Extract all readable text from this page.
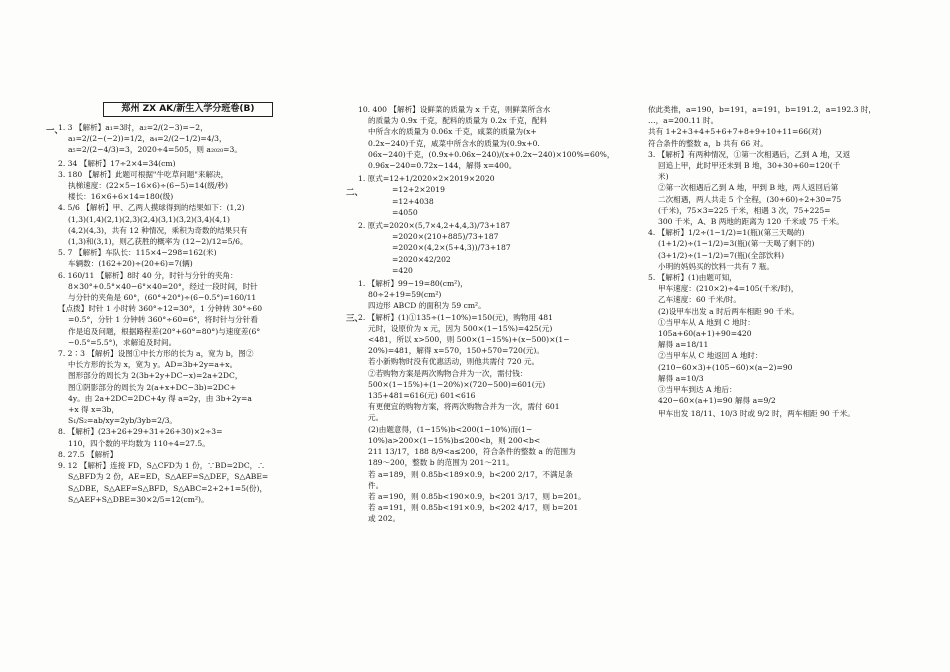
郑州 ZX AK/新生入学分班卷(B)
一、
二、
三、
1. 3 【解析】a₁=3时，a₂=2/(2−3)=−2，
a₃=2/(2−(−2))=1/2，a₄=2/(2−1/2)=4/3，
a₅=2/(2−4/3)=3，2020÷4=505，则 a₂₀₂₀=3。
2. 34 【解析】17÷2×4=34(cm)
3. 180 【解析】此题可根据"牛吃草问题"来解决，
执梯速度：(22×5−16×6)÷(6−5)=14(级/秒)
楼长：16×6+6×14=180(级)
4. 5/6 【解析】甲、乙两人摸球得到的结果如下：(1,2)
(1,3)(1,4)(2,1)(2,3)(2,4)(3,1)(3,2)(3,4)(4,1)
(4,2)(4,3)，共有 12 种情况，乘积为奇数的结果只有
(1,3)和(3,1)，则乙获胜的概率为 (12−2)/12=5/6。
5. 7 【解析】车队长：115×4−298=162(米)
车辆数：(162+20)÷(20+6)=7(辆)
6. 160/11 【解析】8时 40 分，时针与分针的夹角：
8×30°+0.5°×40−6°×40=20°，经过一段时间，时针
与分针的夹角是 60°，(60°+20°)÷(6−0.5°)=160/11
【点拨】时针 1 小时转 360°÷12=30°，1 分钟转 30°÷60
=0.5°，分针 1 分钟转 360°÷60=6°，将时针与分针看
作是追及问题，根据路程差(20°+60°=80°)与速度差(6°
−0.5°=5.5°)，求解追及时间。
7. 2∶3 【解析】设图①中长方形的长为 a，宽为 b，图②
中长方形的长为 x，宽为 y。AD=3b+2y=a+x。
图形部分的周长为 2(3b+2y+DC−x)=2a+2DC，
图①阴影部分的周长为 2(a+x+DC−3b)=2DC+
4y。由 2a+2DC=2DC+4y 得 a=2y，由 3b+2y=a
+x 得 x=3b，
S₁/S₂=ab/xy=2yb/3yb=2/3。
8. 【解析】(23+26+29+31+26+30)×2÷3=
110，四个数的平均数为 110÷4=27.5。
8. 27.5 【解析】
9. 12 【解析】连接 FD，S△CFD为 1 份，∵BD=2DC，∴
S△BFD为 2 份，AE=ED，S△AEF=S△DEF，S△ABE=
S△DBE，S△AEF=S△BFD，S△ABC=2+2+1=5(份)，
S△AEF+S△DBE=30×2/5=12(cm²)。
10. 400 【解析】设鲜菜的质量为 x 千克，则鲜菜所含水
的质量为 0.9x 千克，配料的质量为 0.2x 千克，配料
中所含水的质量为 0.06x 千克，咸菜的质量为(x+
0.2x−240)千克，咸菜中所含水的质量为(0.9x+0.
06x−240)千克，(0.9x+0.06x−240)/(x+0.2x−240)×100%=60%，
0.96x−240=0.72x−144，解得 x=400。
1. 原式=12+1/2020×2×2019×2020
=12+2×2019
=12+4038
=4050
2. 原式=2020×(5,7×4,2+4,4,3)/73+187
=2020×(210+885)/73+187
=2020×(4,2×(5+4,3))/73+187
=2020×42/202
=420
1. 【解析】99−19=80(cm²)，
80÷2+19=59(cm²)
四边形 ABCD 的面积为 59 cm²。
2. 【解析】(1)①135÷(1−10%)=150(元)，购物用 481
元时，设原价为 x 元，因为 500×(1−15%)=425(元)
<481，所以 x>500，则 500×(1−15%)+(x−500)×(1−
20%)=481，解得 x=570，150+570=720(元)。
若小新购物时没有优惠活动，则他共需付 720 元。
②若购物方案是两次购物合并为一次，需付钱：
500×(1−15%)+(1−20%)×(720−500)=601(元)
135+481=616(元) 601<616
有更便宜的购物方案，将两次购物合并为一次，需付 601
元。
(2)由题意得，(1−15%)b<200(1−10%)而(1−
10%)a>200×(1−15%)b≤200<b，则 200<b<
211 13/17，188 8/9<a≤200，符合条件的整数 a 的范围为
189～200，整数 b 的范围为 201～211。
若 a=189，则 0.85b<189×0.9，b<200 2/17，不满足条
件。
若 a=190，则 0.85b<190×0.9，b<201 3/17，则 b=201。
若 a=191，则 0.85b<191×0.9，b<202 4/17，则 b=201
或 202。
依此类推，a=190，b=191，a=191，b=191.2，a=192.3 时，
…，a=200.11 时。
共有 1+2+3+4+5+6+7+8+9+10+11=66(对)
符合条件的整数 a，b 共有 66 对。
3. 【解析】有两种情况，①第一次相遇后，乙到 A 地，又返
回追上甲，此时甲还未到 B 地，30+30+60=120(千
米)
②第一次相遇后乙到 A 地，甲到 B 地，两人返回后第
二次相遇，两人共走 5 个全程，(30+60)÷2+30=75
(千米)，75×3=225 千米，相遇 3 次，75+225=
300 千米，A、B 两地的距离为 120 千米或 75 千米。
4. 【解析】1/2÷(1−1/2)=1(瓶)(第三天喝的)
(1+1/2)÷(1−1/2)=3(瓶)(第一天喝了剩下的)
(3+1/2)÷(1−1/2)=7(瓶)(全部饮料)
小明的妈妈买的饮料一共有 7 瓶。
5. 【解析】(1)由题可知，
甲车速度：(210×2)÷4=105(千米/时)，
乙车速度：60 千米/时。
(2)设甲车出发 a 时后两车相距 90 千米。
①当甲车从 A 地到 C 地时：
105a+60(a+1)+90=420
解得 a=18/11
②当甲车从 C 地返回 A 地时：
(210−60×3)+(105−60)×(a−2)=90
解得 a=10/3
③当甲车到达 A 地后：
420−60×(a+1)=90 解得 a=9/2
甲车出发 18/11、10/3 时或 9/2 时，两车相距 90 千米。
